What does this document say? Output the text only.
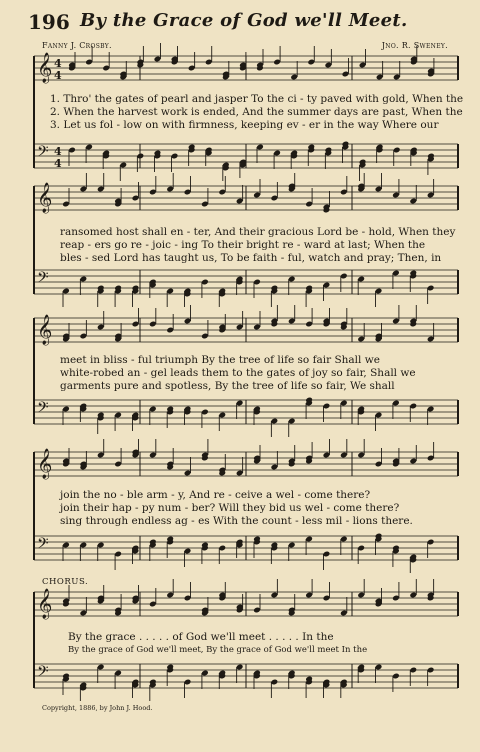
196 By the Grace of God we'll Meet.
Fanny J. Crosby.	Jno. R. Sweney.
𝄞 4
4
𝄢 4
4
𝄞
𝄢
𝄞
𝄢
𝄞
𝄢
𝄞
𝄢
1. Thro' the gates of pearl and jasper To the ci - ty paved with gold, When the
2. When the harvest work is ended, And the summer days are past, When the
3. Let us fol - low on with firmness, keeping ev - er in the way Where our
ransomed host shall en - ter, And their gracious Lord be - hold, When they
reap - ers go re - joic - ing To their bright re - ward at last; When the
bles - sed Lord has taught us, To be faith - ful, watch and pray; Then, in
meet in bliss - ful triumph By the tree of life so fair Shall we
white-robed an - gel leads them to the gates of joy so fair, Shall we
garments pure and spotless, By the tree of life so fair, We shall
join the no - ble arm - y, And re - ceive a wel - come there?
join their hap - py num - ber? Will they bid us wel - come there?
sing through endless ag - es With the count - less mil - lions there.
CHORUS.
By the grace . . . . . of God we'll meet . . . . . In the
By the grace of God we'll meet, By the grace of God we'll meet In the
Copyright, 1886, by John J. Hood.
